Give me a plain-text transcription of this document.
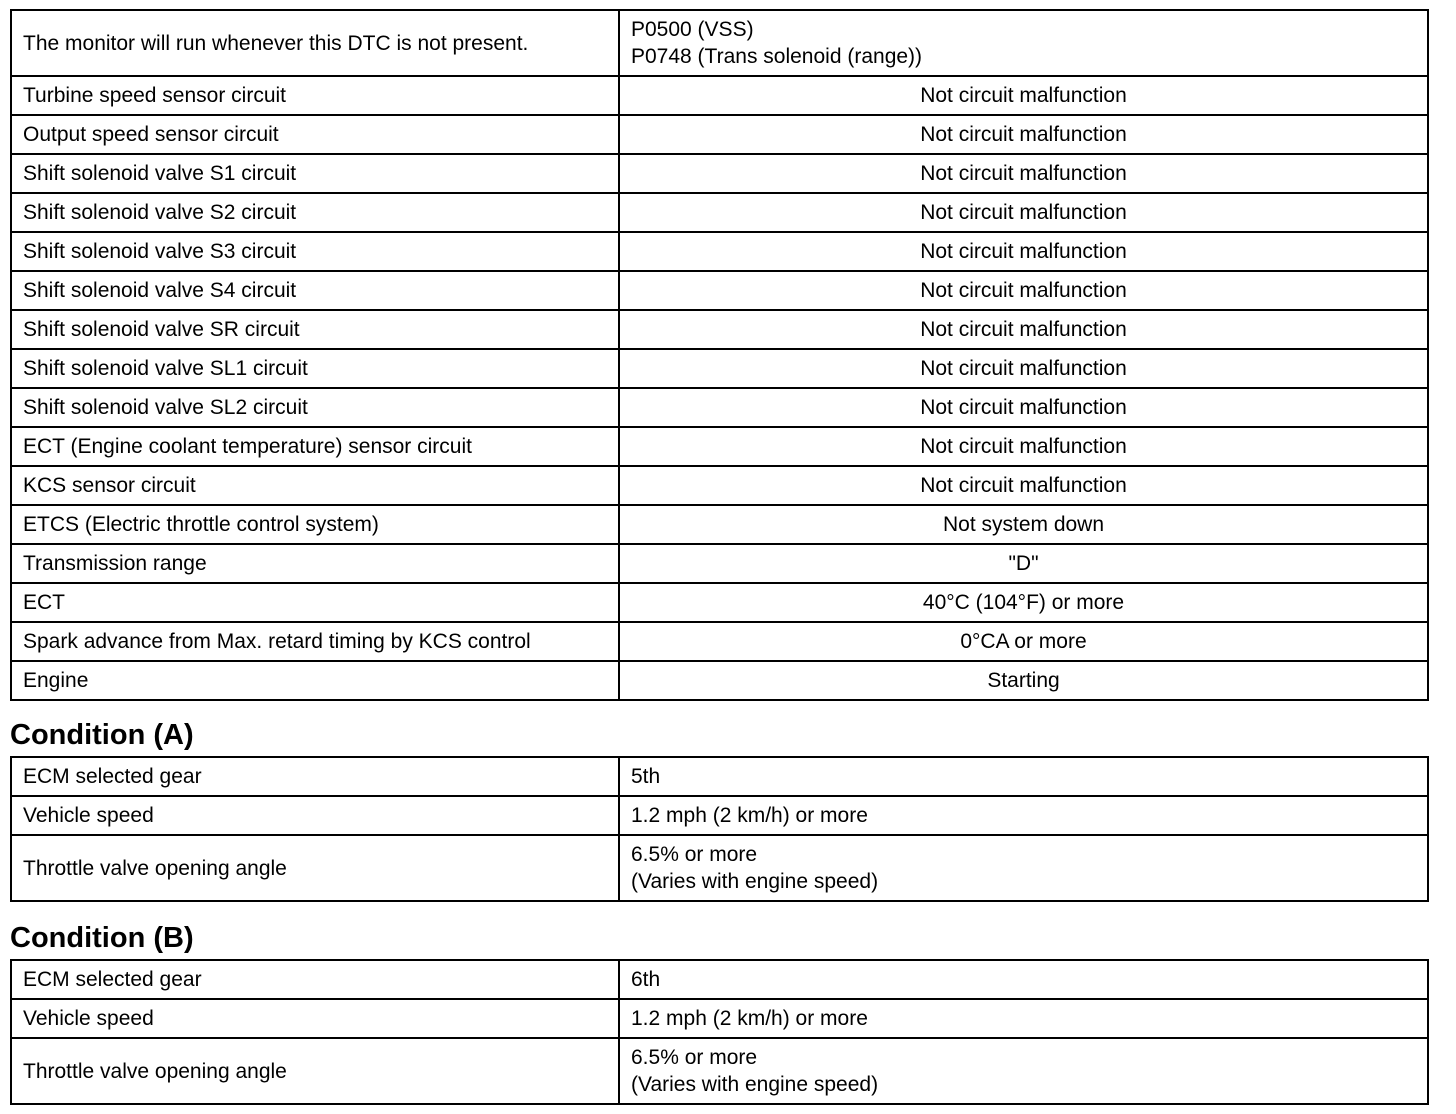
The monitor will run whenever this DTC is not present.	P0500 (VSS)
P0748 (Trans solenoid (range))

Turbine speed sensor circuit	Not circuit malfunction
Output speed sensor circuit	Not circuit malfunction
Shift solenoid valve S1 circuit	Not circuit malfunction
Shift solenoid valve S2 circuit	Not circuit malfunction
Shift solenoid valve S3 circuit	Not circuit malfunction
Shift solenoid valve S4 circuit	Not circuit malfunction
Shift solenoid valve SR circuit	Not circuit malfunction
Shift solenoid valve SL1 circuit	Not circuit malfunction
Shift solenoid valve SL2 circuit	Not circuit malfunction
ECT (Engine coolant temperature) sensor circuit	Not circuit malfunction
KCS sensor circuit	Not circuit malfunction
ETCS (Electric throttle control system)	Not system down
Transmission range	"D"
ECT	40°C (104°F) or more
Spark advance from Max. retard timing by KCS control	0°CA or more
Engine	Starting
Condition (A)
ECM selected gear	5th
Vehicle speed	1.2 mph (2 km/h) or more
Throttle valve opening angle	6.5% or more
(Varies with engine speed)
Condition (B)
ECM selected gear	6th
Vehicle speed	1.2 mph (2 km/h) or more
Throttle valve opening angle	6.5% or more
(Varies with engine speed)
